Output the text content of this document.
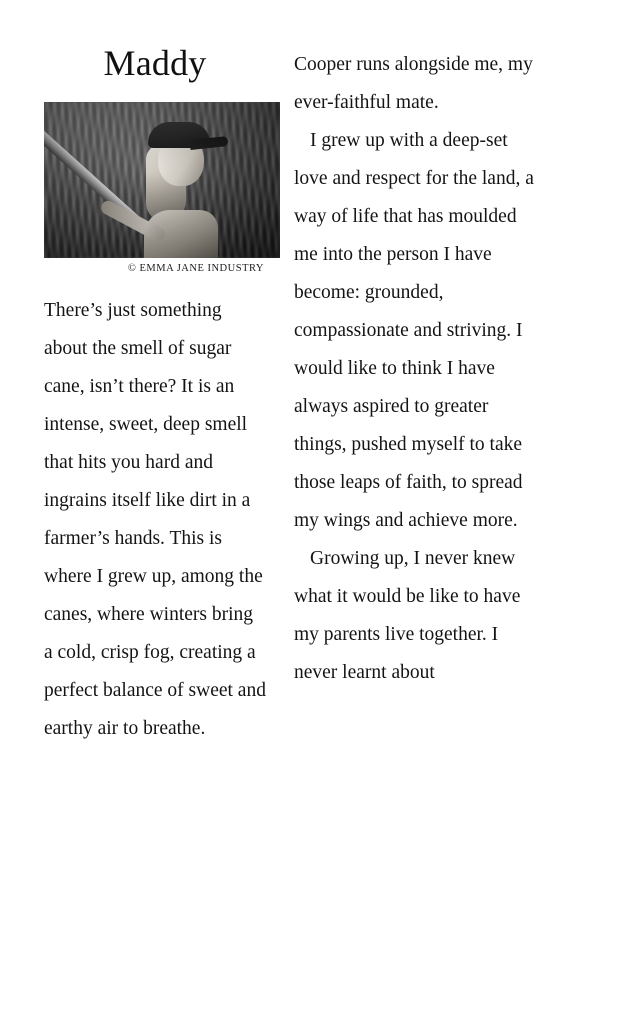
Maddy
© EMMA JANE INDUSTRY

There’s just something about the smell of sugar cane, isn’t there? It is an intense, sweet, deep smell that hits you hard and ingrains itself like dirt in a farmer’s hands. This is where I grew up, among the canes, where winters bring a cold, crisp fog, creating a perfect balance of sweet and earthy air to breathe.

Cooper runs alongside me, my ever-faithful mate.

I grew up with a deep-set love and respect for the land, a way of life that has moulded me into the person I have become: grounded, compassionate and striving. I would like to think I have always aspired to greater things, pushed myself to take those leaps of faith, to spread my wings and achieve more.

Growing up, I never knew what it would be like to have my parents live together. I never learnt about
